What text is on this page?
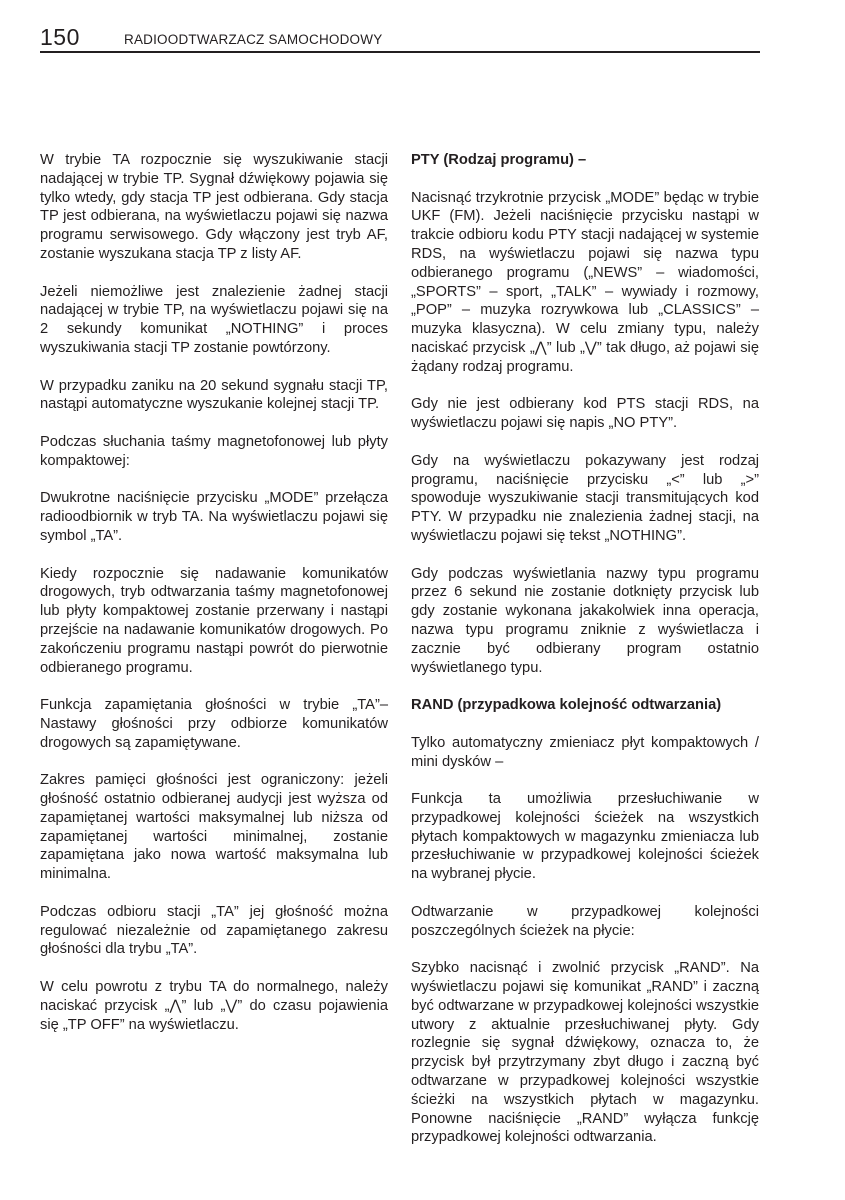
150	RADIOODTWARZACZ SAMOCHODOWY

W trybie TA rozpocznie się wyszukiwanie stacji nadającej w trybie TP. Sygnał dźwiękowy pojawia się tylko wtedy, gdy stacja TP jest odbierana. Gdy stacja TP jest odbierana, na wyświetlaczu pojawi się nazwa programu serwisowego. Gdy włączony jest tryb AF, zostanie wyszukana stacja TP z listy AF.

Jeżeli niemożliwe jest znalezienie żadnej stacji nadającej w trybie TP, na wyświetlaczu pojawi się na 2 sekundy komunikat „NOTHING” i proces wyszukiwania stacji TP zostanie powtórzony.

W przypadku zaniku na 20 sekund sygnału stacji TP, nastąpi automatyczne wyszukanie kolejnej stacji TP.

Podczas słuchania taśmy magnetofonowej lub płyty kompaktowej:

Dwukrotne naciśnięcie przycisku „MODE” przełącza radioodbiornik w tryb TA. Na wyświetlaczu pojawi się symbol „TA”.

Kiedy rozpocznie się nadawanie komunikatów drogowych, tryb odtwarzania taśmy magnetofonowej lub płyty kompaktowej zostanie przerwany i nastąpi przejście na nadawanie komunikatów drogowych. Po zakończeniu programu nastąpi powrót do pierwotnie odbieranego programu.

Funkcja zapamiętania głośności w trybie „TA”– Nastawy głośności przy odbiorze komunikatów drogowych są zapamiętywane.

Zakres pamięci głośności jest ograniczony: jeżeli głośność ostatnio odbieranej audycji jest wyższa od zapamiętanej wartości maksymalnej lub niższa od zapamiętanej wartości minimalnej, zostanie zapamiętana jako nowa wartość maksymalna lub minimalna.

Podczas odbioru stacji „TA” jej głośność można regulować niezależnie od zapamiętanego zakresu głośności dla trybu „TA”.

W celu powrotu z trybu TA do normalnego, należy naciskać przycisk „⋀” lub „⋁” do czasu pojawienia się „TP OFF” na wyświetlaczu.

PTY (Rodzaj programu) –

Nacisnąć trzykrotnie przycisk „MODE” będąc w trybie UKF (FM). Jeżeli naciśnięcie przycisku nastąpi w trakcie odbioru kodu PTY stacji nadającej w systemie RDS, na wyświetlaczu pojawi się nazwa typu odbieranego programu („NEWS” – wiadomości, „SPORTS” – sport, „TALK” – wywiady i rozmowy, „POP” – muzyka rozrywkowa lub „CLASSICS” – muzyka klasyczna). W celu zmiany typu, należy naciskać przycisk „⋀” lub „⋁” tak długo, aż pojawi się żądany rodzaj programu.

Gdy nie jest odbierany kod PTS stacji RDS, na wyświetlaczu pojawi się napis „NO PTY”.

Gdy na wyświetlaczu pokazywany jest rodzaj programu, naciśnięcie przycisku „<” lub „>” spowoduje wyszukiwanie stacji transmitujących kod PTY. W przypadku nie znalezienia żadnej stacji, na wyświetlaczu pojawi się tekst „NOTHING”.

Gdy podczas wyświetlania nazwy typu programu przez 6 sekund nie zostanie dotknięty przycisk lub gdy zostanie wykonana jakakolwiek inna operacja, nazwa typu programu zniknie z wyświetlacza i zacznie być odbierany program ostatnio wyświetlanego typu.

RAND (przypadkowa kolejność odtwarzania)

Tylko automatyczny zmieniacz płyt kompaktowych / mini dysków –

Funkcja ta umożliwia przesłuchiwanie w przypadkowej kolejności ścieżek na wszystkich płytach kompaktowych w magazynku zmieniacza lub przesłuchiwanie w przypadkowej kolejności ścieżek na wybranej płycie.

Odtwarzanie w przypadkowej kolejności poszczególnych ścieżek na płycie:

Szybko nacisnąć i zwolnić przycisk „RAND”. Na wyświetlaczu pojawi się komunikat „RAND” i zaczną być odtwarzane w przypadkowej kolejności wszystkie utwory z aktualnie przesłuchiwanej płyty. Gdy rozlegnie się sygnał dźwiękowy, oznacza to, że przycisk był przytrzymany zbyt długo i zaczną być odtwarzane w przypadkowej kolejności wszystkie ścieżki na wszystkich płytach w magazynku. Ponowne naciśnięcie „RAND” wyłącza funkcję przypadkowej kolejności odtwarzania.
